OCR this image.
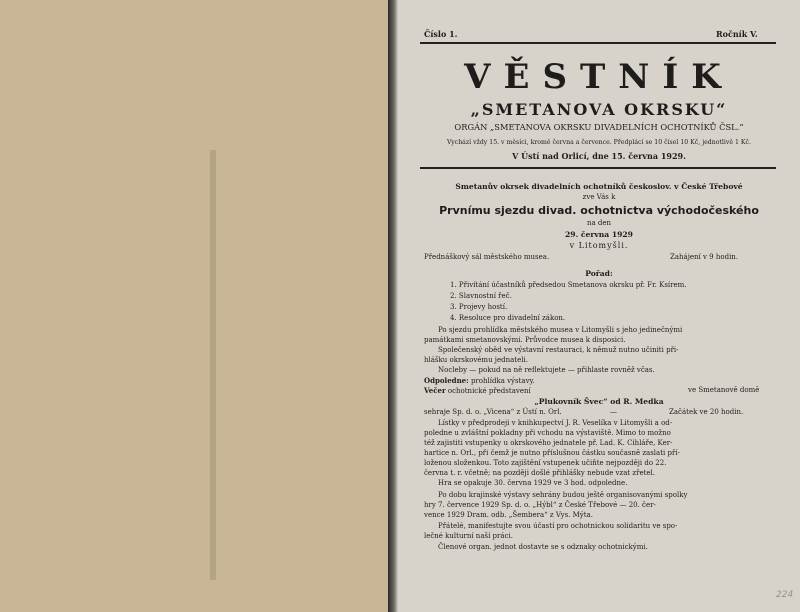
Číslo 1.	Ročník V.
VĚSTNÍK
„SMETANOVA OKRSKU“
ORGÁN „SMETANOVA OKRSKU DIVADELNÍCH OCHOTNÍKŮ ČSL.“
Vychází vždy 15. v měsíci, kromě června a července. Předplácí se 10 čísel 10 Kč, jednotlivě 1 Kč.
V Ústí nad Orlicí, dne 15. června 1929.
Smetanův okrsek divadelních ochotníků českoslov. v České Třebové
zve Vás k
Prvnímu sjezdu divad. ochotnictva východočeského
na den
29. června 1929
v Litomyšli.
Přednáškový sál městského musea.	Zahájení v 9 hodin.
Pořad:
1. Přivítání účastníků předsedou Smetanova okrsku př. Fr. Ksírem.
2. Slavnostní řeč.
3. Projevy hostí.
4. Resoluce pro divadelní zákon.
Po sjezdu prohlídka městského musea v Litomyšli s jeho jedinečnými
památkami smetanovskými. Průvodce musea k disposici.
Společenský oběd ve výstavní restauraci, k němuž nutno učiniti při-
hlášku okrskovému jednateli.
Nocleby — pokud na ně reflektujete — přihlaste rovněž včas.
Odpoledne: prohlídka výstavy.
Večer ochotnické představení	ve Smetanově domě
„Plukovník Švec“ od R. Medka
sehraje Sp. d. o. „Vicena“ z Ústí n. Orl.	—	Začátek ve 20 hodin.
Lístky v předprodeji v knihkupectví J. R. Veselíka v Litomyšli a od-
poledne u zvláštní pokladny při vchodu na výstaviště. Mimo to možno
též zajistiti vstupenky u okrskového jednatele př. Lad. K. Cihláře, Ker-
hartice n. Orl., při čemž je nutno příslušnou částku současně zaslati pří-
loženou složenkou. Toto zajištění vstupenek učiňte nejpozději do 22.
června t. r. včetně; na později došlé přihlášky nebude vzat zřetel.
Hra se opakuje 30. června 1929 ve 3 hod. odpoledne.
Po dobu krajinské výstavy sehrány budou ještě organisovanými spolky
hry 7. července 1929 Sp. d. o. „Hýbl“ z České Třebové — 20. čer-
vence 1929 Dram. odb. „Šembera“ z Vys. Mýta.
Přátelé, manifestujte svou účastí pro ochotnickou solidaritu ve spo-
lečné kulturní naší práci.
Členové organ. jednot dostavte se s odznaky ochotnickými.
224
